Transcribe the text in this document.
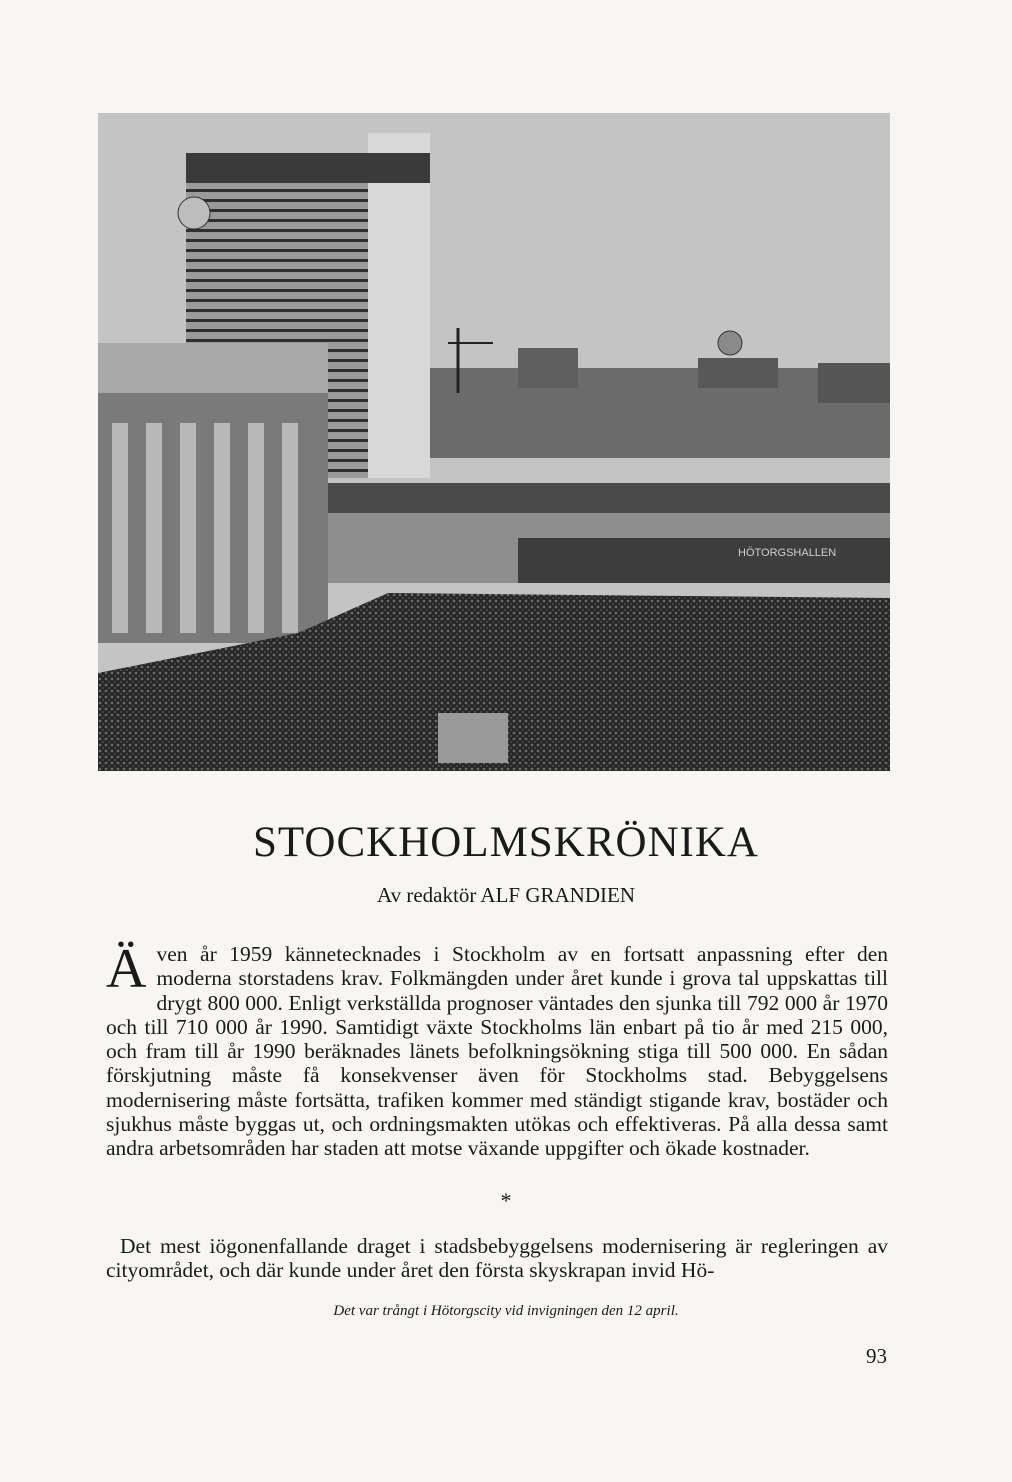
HÖTORGSHALLEN
STOCKHOLMSKRÖNIKA
Av redaktör ALF GRANDIEN
Även år 1959 kännetecknades i Stockholm av en fortsatt anpassning efter den moderna storstadens krav. Folkmängden under året kunde i grova tal uppskattas till drygt 800 000. Enligt verkställda prognoser väntades den sjunka till 792 000 år 1970 och till 710 000 år 1990. Samtidigt växte Stockholms län enbart på tio år med 215 000, och fram till år 1990 beräknades länets befolkningsökning stiga till 500 000. En sådan förskjutning måste få konsekvenser även för Stockholms stad. Bebyggelsens modernisering måste fortsätta, trafiken kommer med ständigt stigande krav, bostäder och sjukhus måste byggas ut, och ordningsmakten utökas och effektiveras. På alla dessa samt andra arbetsområden har staden att motse växande uppgifter och ökade kostnader.
*
Det mest iögonenfallande draget i stadsbebyggelsens modernisering är regleringen av cityområdet, och där kunde under året den första skyskrapan invid Hö-
Det var trångt i Hötorgscity vid invigningen den 12 april.
93
